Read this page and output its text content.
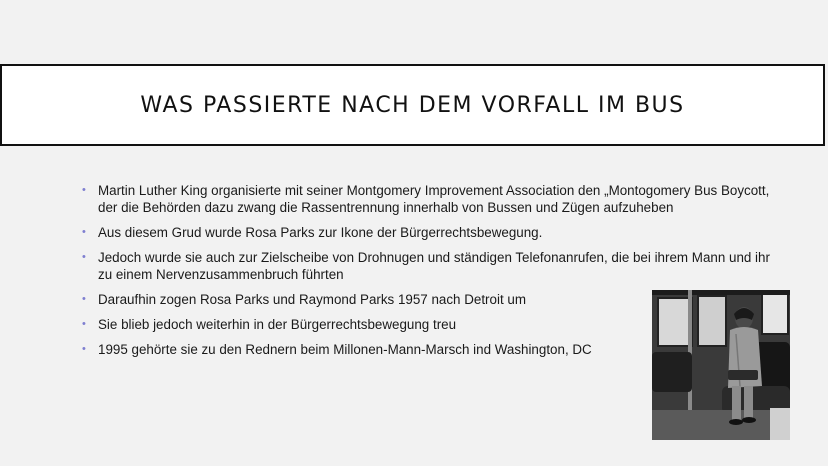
WAS PASSIERTE NACH DEM VORFALL IM BUS
• Martin Luther King organisierte mit seiner Montgomery Improvement Association den „Montogomery Bus Boycott, der die Behörden dazu zwang die Rassentrennung innerhalb von Bussen und Zügen aufzuheben
• Aus diesem Grud wurde Rosa Parks zur Ikone der Bürgerrechtsbewegung.
• Jedoch wurde sie auch zur Zielscheibe von Drohnugen und ständigen Telefonanrufen, die bei ihrem Mann und ihr zu einem Nervenzusammenbruch führten
• Daraufhin zogen Rosa Parks und Raymond Parks 1957 nach Detroit um
• Sie blieb jedoch weiterhin in der Bürgerrechtsbewegung treu
• 1995 gehörte sie zu den Rednern beim Millonen-Mann-Marsch ind Washington, DC
